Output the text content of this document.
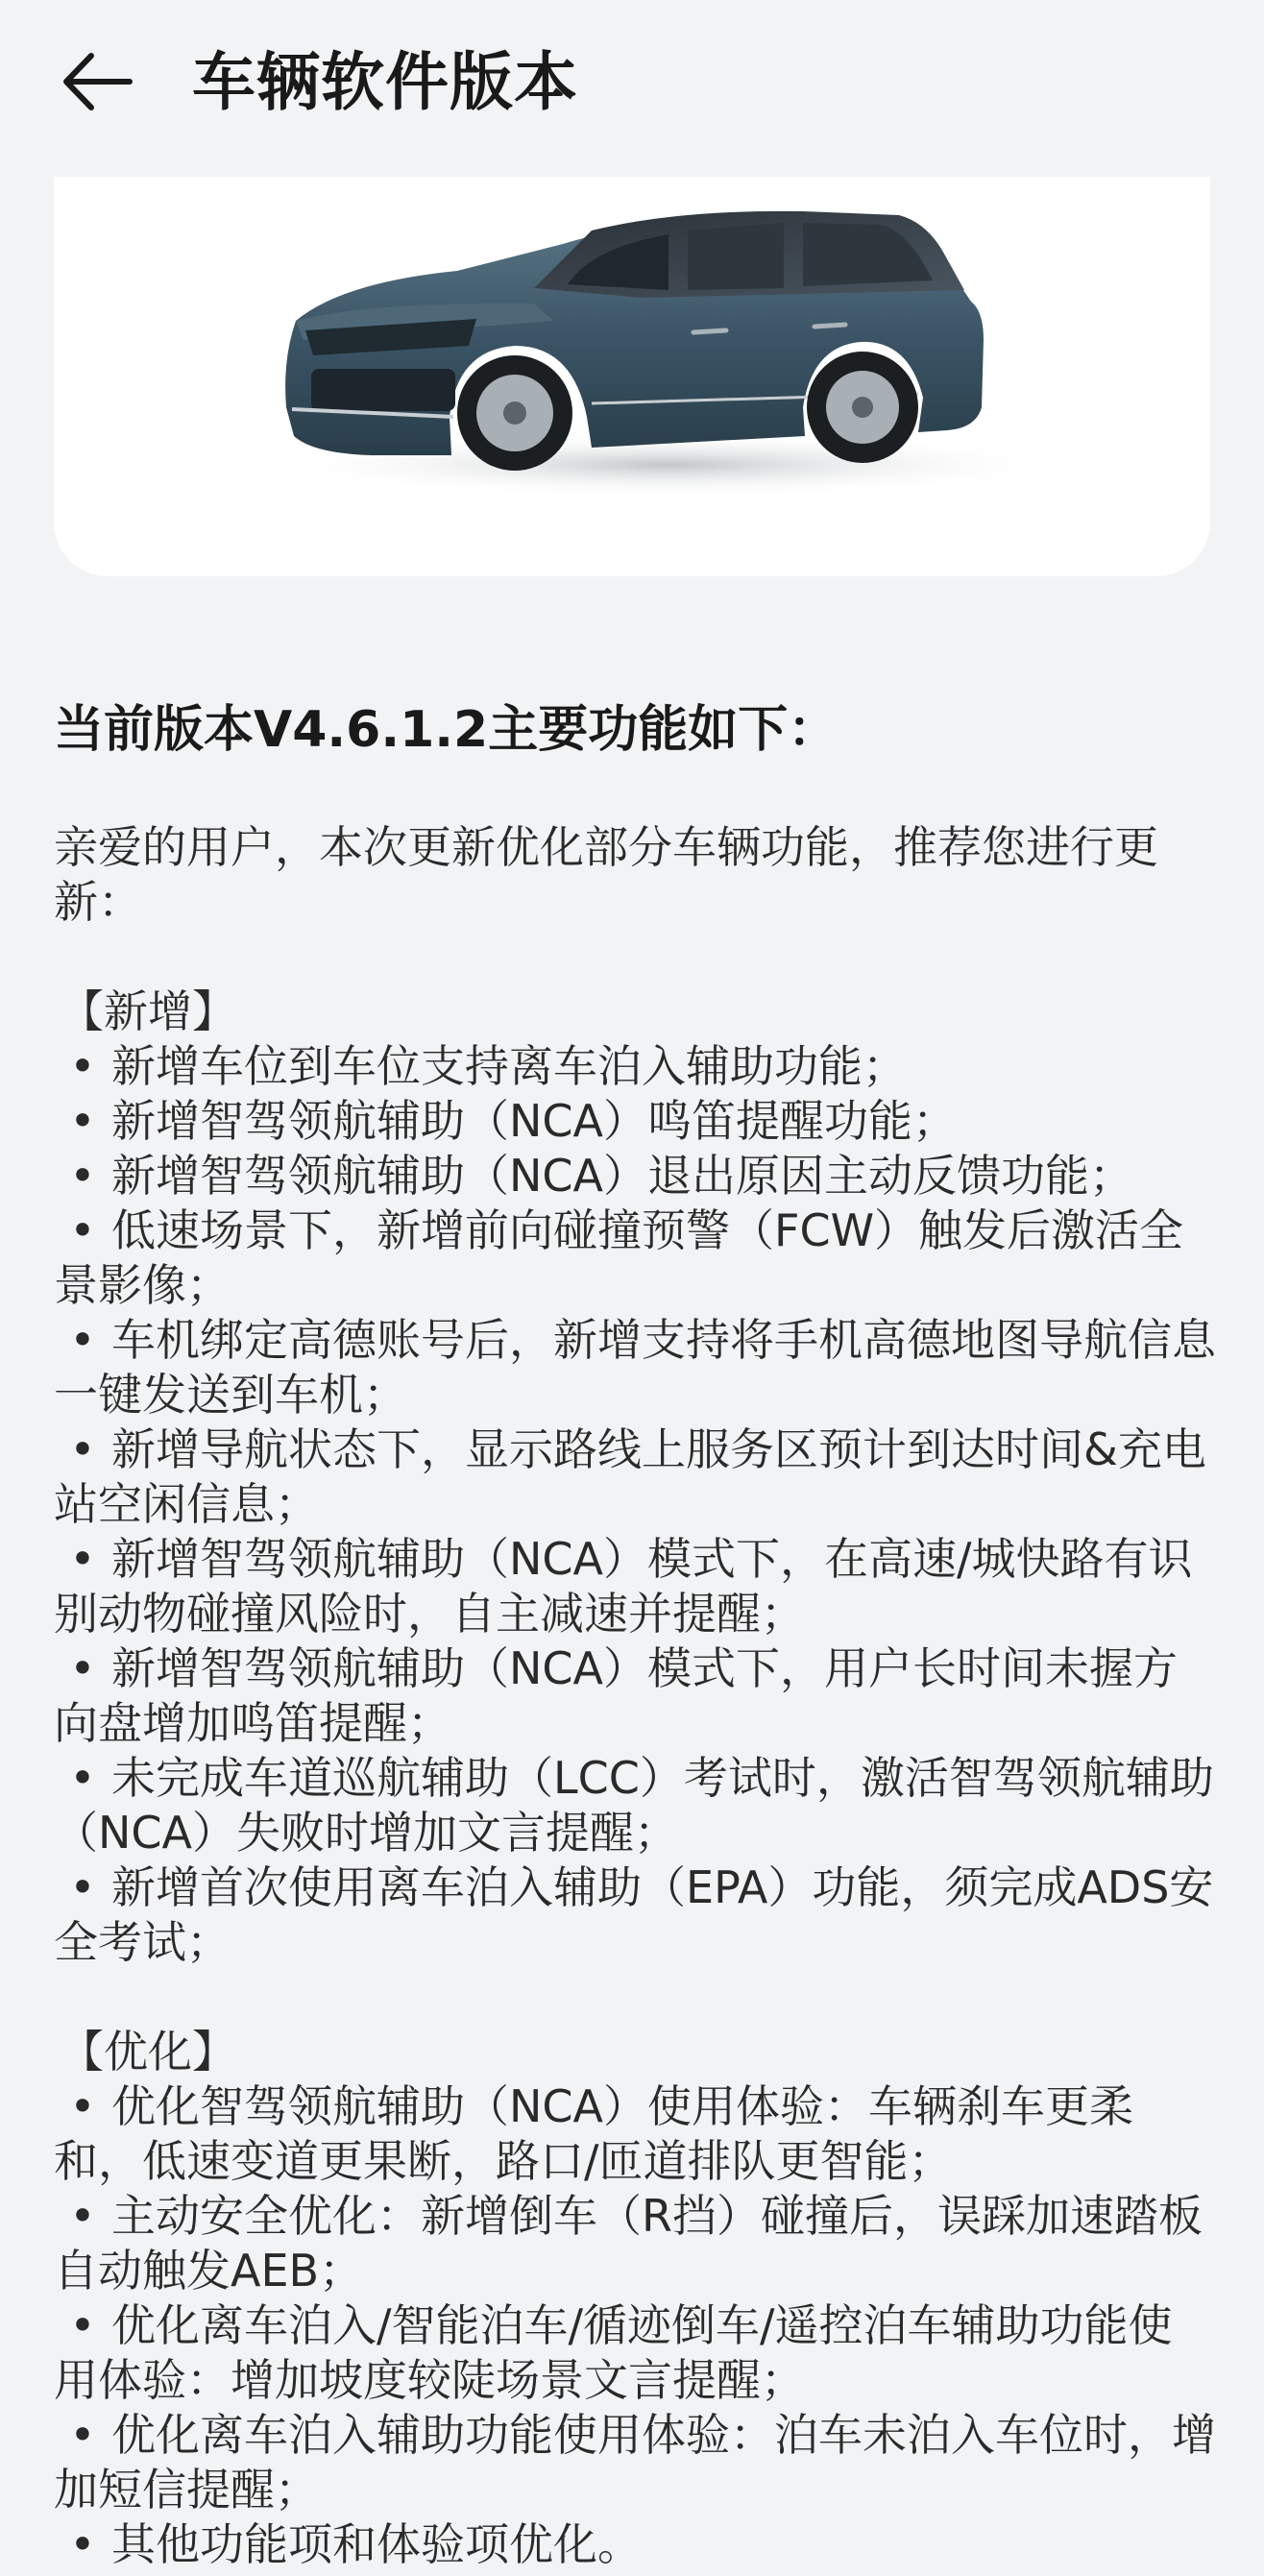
车辆软件版本
当前版本V4.6.1.2主要功能如下：
亲爱的用户，本次更新优化部分车辆功能，推荐您进行更新：
【新增】
• 新增车位到车位支持离车泊入辅助功能；
• 新增智驾领航辅助（NCA）鸣笛提醒功能；
• 新增智驾领航辅助（NCA）退出原因主动反馈功能；
• 低速场景下，新增前向碰撞预警（FCW）触发后激活全景影像；
• 车机绑定高德账号后，新增支持将手机高德地图导航信息一键发送到车机；
• 新增导航状态下，显示路线上服务区预计到达时间&充电站空闲信息；
• 新增智驾领航辅助（NCA）模式下，在高速/城快路有识别动物碰撞风险时，自主减速并提醒；
• 新增智驾领航辅助（NCA）模式下，用户长时间未握方向盘增加鸣笛提醒；
• 未完成车道巡航辅助（LCC）考试时，激活智驾领航辅助（NCA）失败时增加文言提醒；
• 新增首次使用离车泊入辅助（EPA）功能，须完成ADS安全考试；
【优化】
• 优化智驾领航辅助（NCA）使用体验：车辆刹车更柔和，低速变道更果断，路口/匝道排队更智能；
• 主动安全优化：新增倒车（R挡）碰撞后，误踩加速踏板自动触发AEB；
• 优化离车泊入/智能泊车/循迹倒车/遥控泊车辅助功能使用体验：增加坡度较陡场景文言提醒；
• 优化离车泊入辅助功能使用体验：泊车未泊入车位时，增加短信提醒；
• 其他功能项和体验项优化。
